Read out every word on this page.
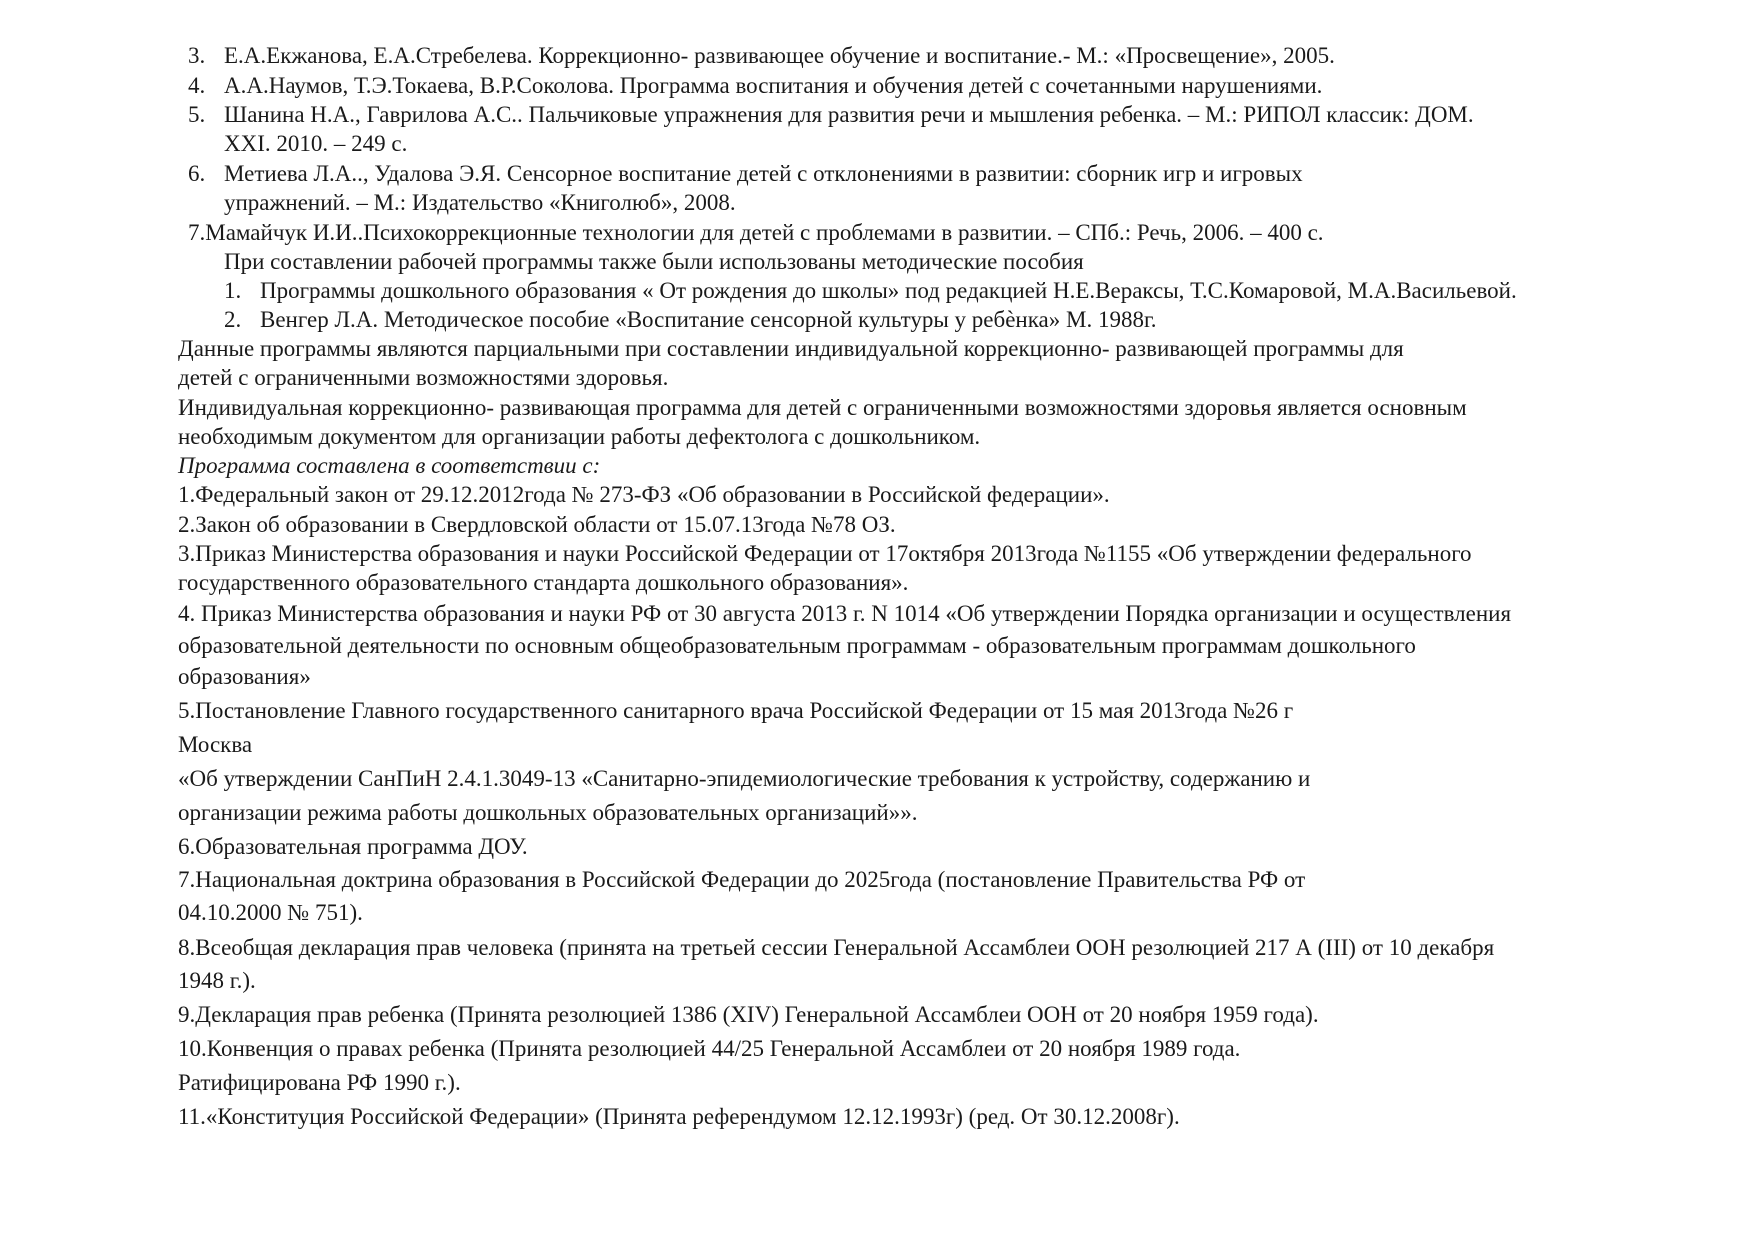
3. Е.А.Екжанова, Е.А.Стребелева. Коррекционно- развивающее обучение и воспитание.- М.: «Просвещение», 2005.
4. А.А.Наумов, Т.Э.Токаева, В.Р.Соколова. Программа воспитания и обучения детей с сочетанными нарушениями.
5. Шанина Н.А., Гаврилова А.С.. Пальчиковые упражнения для развития речи и мышления ребенка. – М.: РИПОЛ классик: ДОМ.
XXI. 2010. – 249 с.
6. Метиева Л.А.., Удалова Э.Я. Сенсорное воспитание детей с отклонениями в развитии: сборник игр и игровых
упражнений. – М.: Издательство «Книголюб», 2008.
7.Мамайчук И.И..Психокоррекционные технологии для детей с проблемами в развитии. – СПб.: Речь, 2006. – 400 с.
При составлении рабочей программы также были использованы методические пособия
1. Программы дошкольного образования « От рождения до школы» под редакцией Н.Е.Вераксы, Т.С.Комаровой, М.А.Васильевой.
2. Венгер Л.А. Методическое пособие «Воспитание сенсорной культуры у ребѐнка» М. 1988г.
Данные программы являются парциальными при составлении индивидуальной коррекционно- развивающей программы для
детей с ограниченными возможностями здоровья.
Индивидуальная коррекционно- развивающая программа для детей с ограниченными возможностями здоровья является основным
необходимым документом для организации работы дефектолога с дошкольником.
Программа составлена в соответствии с:
1.Федеральный закон от 29.12.2012года № 273-ФЗ «Об образовании в Российской федерации».
2.Закон об образовании в Свердловской области от 15.07.13года №78 ОЗ.
3.Приказ Министерства образования и науки Российской Федерации от 17октября 2013года №1155 «Об утверждении федерального
государственного образовательного стандарта дошкольного образования».
4. Приказ Министерства образования и науки РФ от 30 августа 2013 г. N 1014 «Об утверждении Порядка организации и осуществления
образовательной деятельности по основным общеобразовательным программам - образовательным программам дошкольного
образования»
5.Постановление Главного государственного санитарного врача Российской Федерации от 15 мая 2013года №26 г
Москва
«Об утверждении СанПиН 2.4.1.3049-13 «Санитарно-эпидемиологические требования к устройству, содержанию и
организации режима работы дошкольных образовательных организаций»».
6.Образовательная программа ДОУ.
7.Национальная доктрина образования в Российской Федерации до 2025года (постановление Правительства РФ от
04.10.2000 № 751).
8.Всеобщая декларация прав человека (принята на третьей сессии Генеральной Ассамблеи ООН резолюцией 217 А (III) от 10 декабря
1948 г.).
9.Декларация прав ребенка (Принята резолюцией 1386 (XIV) Генеральной Ассамблеи ООН от 20 ноября 1959 года).
10.Конвенция о правах ребенка (Принята резолюцией 44/25 Генеральной Ассамблеи от 20 ноября 1989 года.
Ратифицирована РФ 1990 г.).
11.«Конституция Российской Федерации» (Принята референдумом 12.12.1993г) (ред. От 30.12.2008г).
